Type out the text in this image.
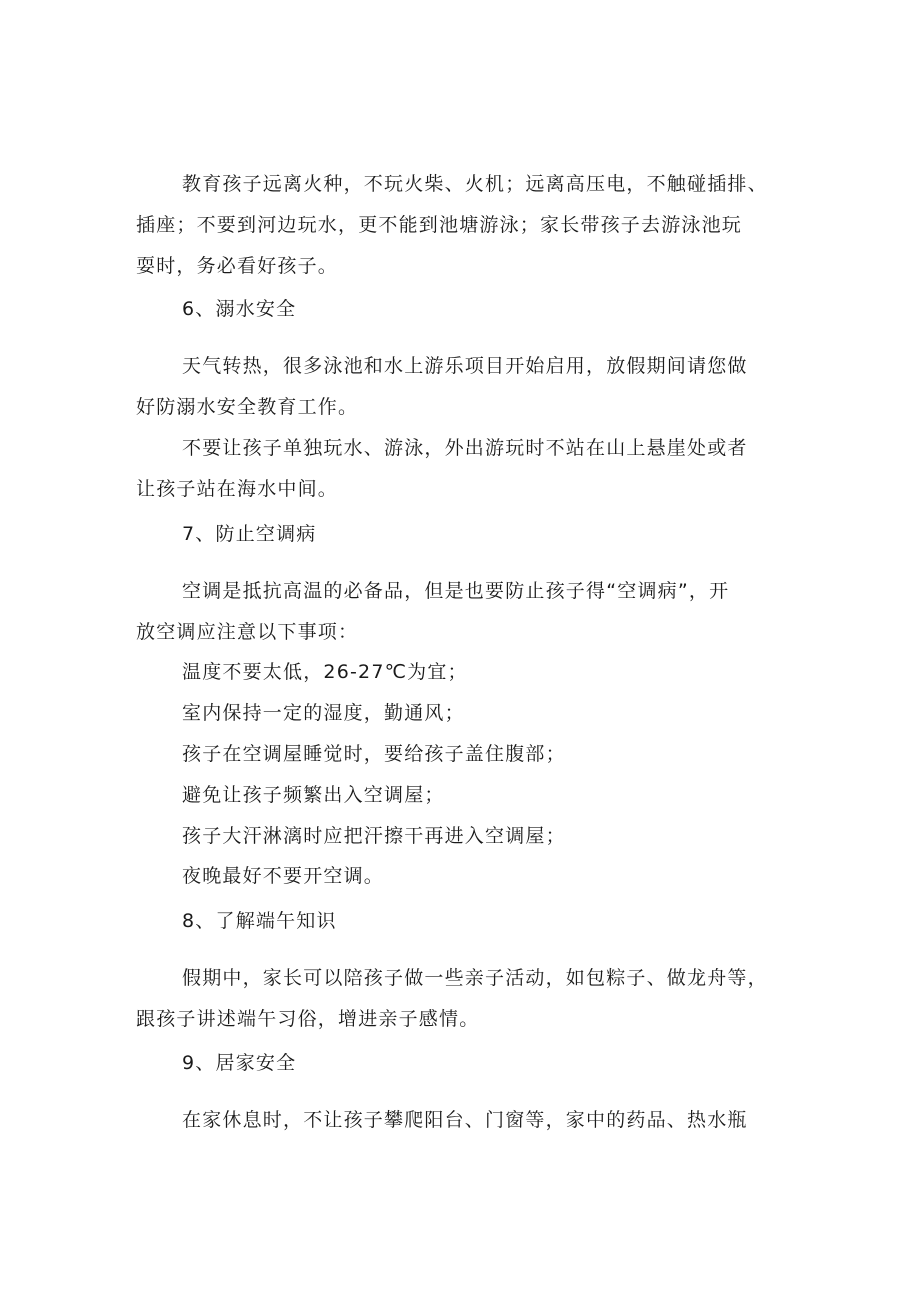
教育孩子远离火种，不玩火柴、火机；远离高压电，不触碰插排、
插座；不要到河边玩水，更不能到池塘游泳；家长带孩子去游泳池玩
耍时，务必看好孩子。
6、溺水安全
天气转热，很多泳池和水上游乐项目开始启用，放假期间请您做
好防溺水安全教育工作。
不要让孩子单独玩水、游泳，外出游玩时不站在山上悬崖处或者
让孩子站在海水中间。
7、防止空调病
空调是抵抗高温的必备品，但是也要防止孩子得“空调病”，开
放空调应注意以下事项：
温度不要太低，26-27℃为宜；
室内保持一定的湿度，勤通风；
孩子在空调屋睡觉时，要给孩子盖住腹部；
避免让孩子频繁出入空调屋；
孩子大汗淋漓时应把汗擦干再进入空调屋；
夜晚最好不要开空调。
8、了解端午知识
假期中，家长可以陪孩子做一些亲子活动，如包粽子、做龙舟等，
跟孩子讲述端午习俗，增进亲子感情。
9、居家安全
在家休息时，不让孩子攀爬阳台、门窗等，家中的药品、热水瓶
